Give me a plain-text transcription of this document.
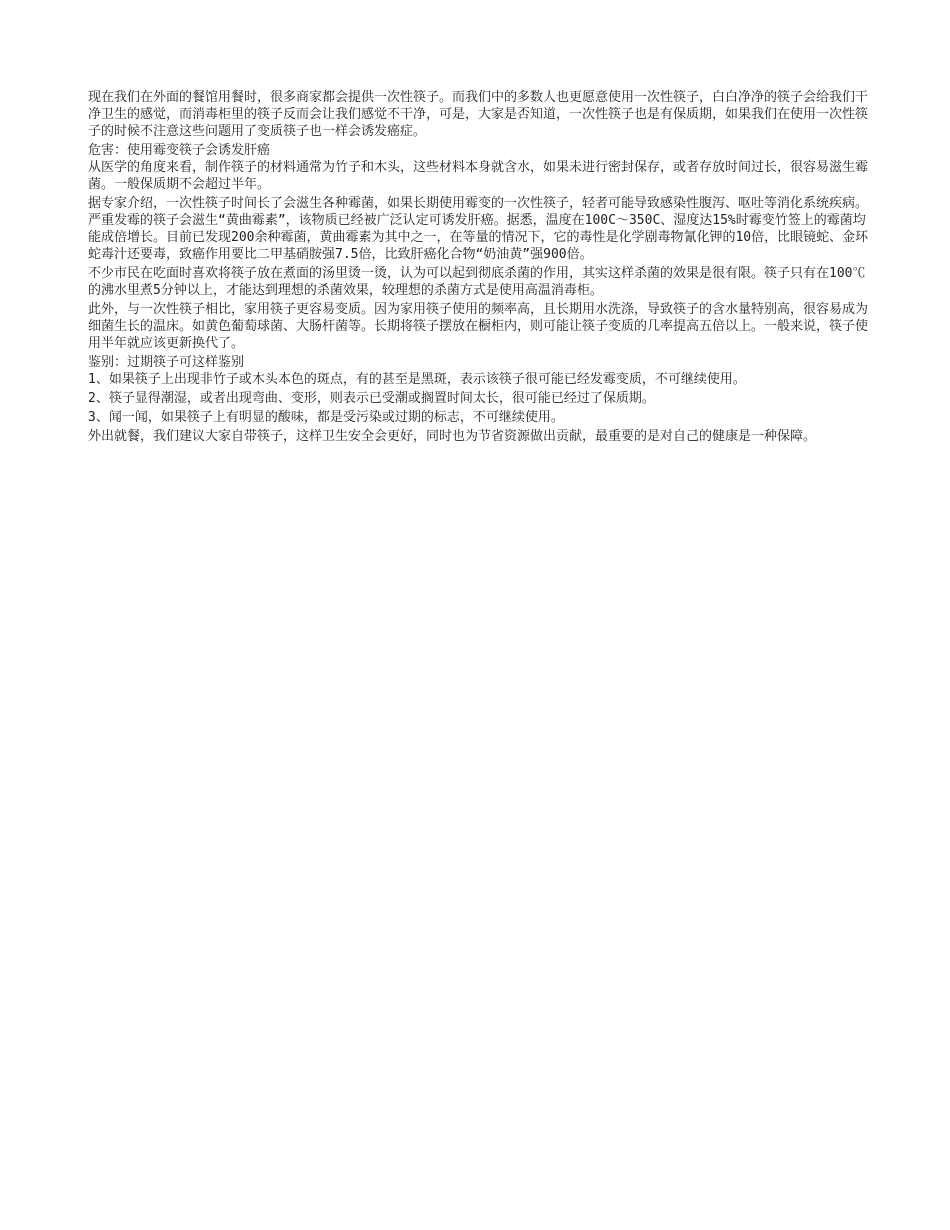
现在我们在外面的餐馆用餐时，很多商家都会提供一次性筷子。而我们中的多数人也更愿意使用一次性筷子，白白净净的筷子会给我们干净卫生的感觉，而消毒柜里的筷子反而会让我们感觉不干净，可是，大家是否知道，一次性筷子也是有保质期，如果我们在使用一次性筷子的时候不注意这些问题用了变质筷子也一样会诱发癌症。

危害：使用霉变筷子会诱发肝癌

从医学的角度来看，制作筷子的材料通常为竹子和木头，这些材料本身就含水，如果未进行密封保存，或者存放时间过长，很容易滋生霉菌。一般保质期不会超过半年。

据专家介绍，一次性筷子时间长了会滋生各种霉菌，如果长期使用霉变的一次性筷子，轻者可能导致感染性腹泻、呕吐等消化系统疾病。严重发霉的筷子会滋生“黄曲霉素”，该物质已经被广泛认定可诱发肝癌。据悉，温度在100C～350C、湿度达15%时霉变竹签上的霉菌均能成倍增长。目前已发现200余种霉菌，黄曲霉素为其中之一，在等量的情况下，它的毒性是化学剧毒物氰化钾的10倍，比眼镜蛇、金环蛇毒汁还要毒，致癌作用要比二甲基硝胺强7.5倍，比致肝癌化合物“奶油黄”强900倍。

不少市民在吃面时喜欢将筷子放在煮面的汤里烫一烫，认为可以起到彻底杀菌的作用，其实这样杀菌的效果是很有限。筷子只有在100℃的沸水里煮5分钟以上，才能达到理想的杀菌效果，较理想的杀菌方式是使用高温消毒柜。

此外，与一次性筷子相比，家用筷子更容易变质。因为家用筷子使用的频率高，且长期用水洗涤，导致筷子的含水量特别高，很容易成为细菌生长的温床。如黄色葡萄球菌、大肠杆菌等。长期将筷子摆放在橱柜内，则可能让筷子变质的几率提高五倍以上。一般来说，筷子使用半年就应该更新换代了。

鉴别：过期筷子可这样鉴别

1、如果筷子上出现非竹子或木头本色的斑点，有的甚至是黑斑，表示该筷子很可能已经发霉变质，不可继续使用。

2、筷子显得潮湿，或者出现弯曲、变形，则表示已受潮或搁置时间太长，很可能已经过了保质期。

3、闻一闻，如果筷子上有明显的酸味，都是受污染或过期的标志，不可继续使用。

外出就餐，我们建议大家自带筷子，这样卫生安全会更好，同时也为节省资源做出贡献，最重要的是对自己的健康是一种保障。
